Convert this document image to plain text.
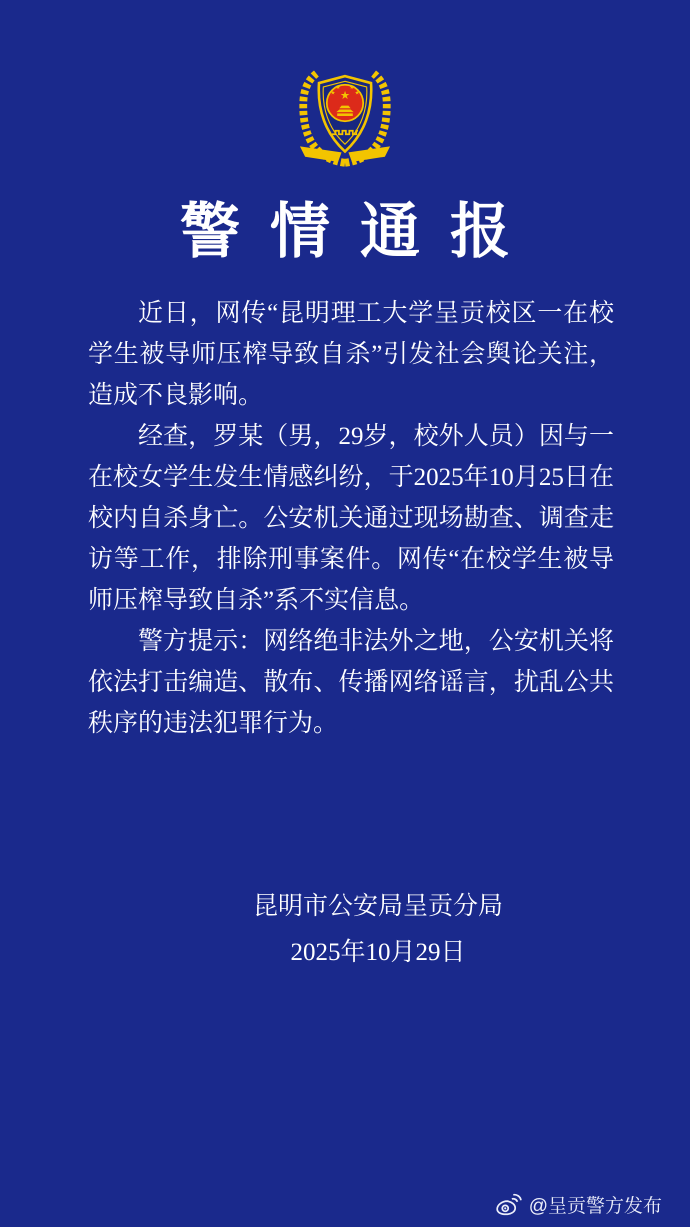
★
★
★ ★
★
警情通报

近日，网传“昆明理工大学呈贡校区一在校学生被导师压榨导致自杀”引发社会舆论关注，造成不良影响。

经查，罗某（男，29岁，校外人员）因与一在校女学生发生情感纠纷，于2025年10月25日在校内自杀身亡。公安机关通过现场勘查、调查走访等工作，排除刑事案件。网传“在校学生被导师压榨导致自杀”系不实信息。

警方提示：网络绝非法外之地，公安机关将依法打击编造、散布、传播网络谣言，扰乱公共秩序的违法犯罪行为。

昆明市公安局呈贡分局
2025年10月29日
@呈贡警方发布
